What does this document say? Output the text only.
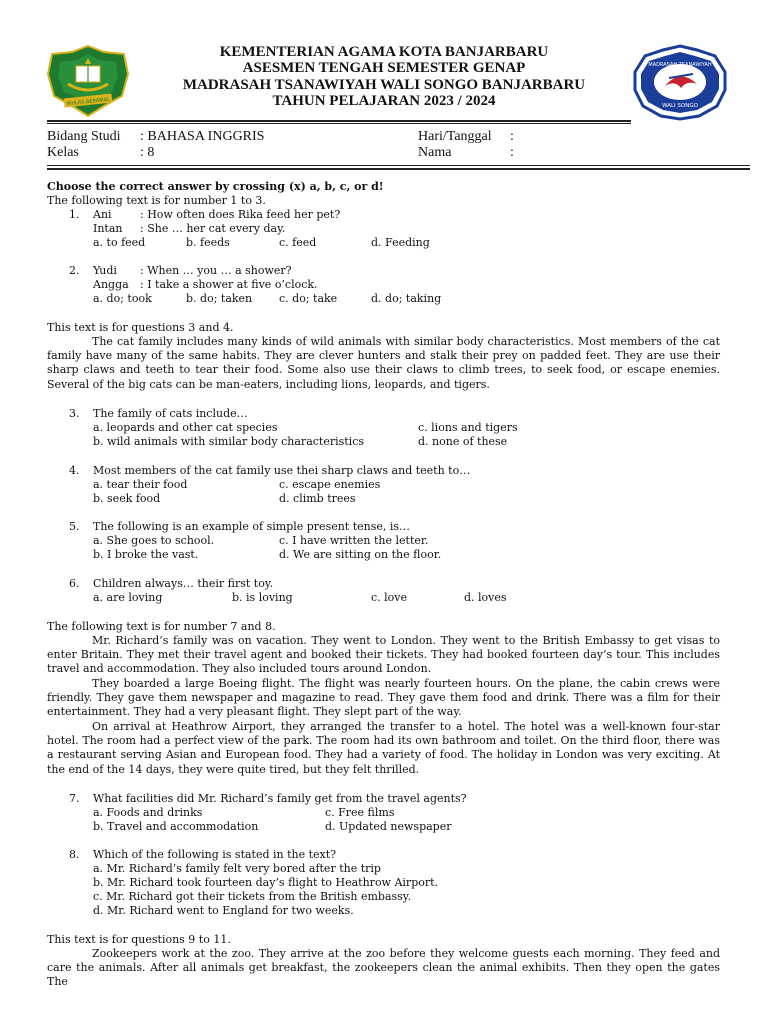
IKHLAS BERAMAL
KEMENTERIAN AGAMA KOTA BANJARBARU
ASESMEN TENGAH SEMESTER GENAP
MADRASAH TSANAWIYAH WALI SONGO BANJARBARU
TAHUN PELAJARAN 2023 / 2024
MADRASAH TSANAWIYAH
WALI SONGO
Bidang Studi : BAHASA INGGRIS
Kelas	: 8
Hari/Tanggal :
Nama	:
Choose the correct answer by crossing (x) a, b, c, or d!
The following text is for number 1 to 3.
1. Ani	: How often does Rika feed her pet?
Intan : She … her cat every day.
a. to feed	b. feeds	c. feed	d. Feeding
2. Yudi : When … you … a shower?
Angga : I take a shower at five o’clock.
a. do; took	b. do; taken c. do; take	d. do; taking
This text is for questions 3 and 4.
The cat family includes many kinds of wild animals with similar body characteristics. Most members of the cat family have many of the same habits. They are clever hunters and stalk their prey on padded feet. They are use their sharp claws and teeth to tear their food. Some also use their claws to climb trees, to seek food, or escape enemies. Several of the big cats can be man-eaters, including lions, leopards, and tigers.
3. The family of cats include…
a. leopards and other cat species
b. wild animals with similar body characteristics
c. lions and tigers
d. none of these
4. Most members of the cat family use thei sharp claws and teeth to…
a. tear their food
b. seek food
c. escape enemies
d. climb trees
5. The following is an example of simple present tense, is…
a. She goes to school.
b. I broke the vast.
c. I have written the letter.
d. We are sitting on the floor.
6. Children always… their first toy.
a. are loving	b. is loving	c. love	d. loves
The following text is for number 7 and 8.
Mr. Richard’s family was on vacation. They went to London. They went to the British Embassy to get visas to enter Britain. They met their travel agent and booked their tickets. They had booked fourteen day’s tour. This includes travel and accommodation. They also included tours around London.
They boarded a large Boeing flight. The flight was nearly fourteen hours. On the plane, the cabin crews were friendly. They gave them newspaper and magazine to read. They gave them food and drink. There was a film for their entertainment. They had a very pleasant flight. They slept part of the way.
On arrival at Heathrow Airport, they arranged the transfer to a hotel. The hotel was a well-known four-star hotel. The room had a perfect view of the park. The room had its own bathroom and toilet. On the third floor, there was a restaurant serving Asian and European food. They had a variety of food. The holiday in London was very exciting. At the end of the 14 days, they were quite tired, but they felt thrilled.
7. What facilities did Mr. Richard’s family get from the travel agents?
a. Foods and drinks
b. Travel and accommodation
c. Free films
d. Updated newspaper
8. Which of the following is stated in the text?
a. Mr. Richard’s family felt very bored after the trip
b. Mr. Richard took fourteen day’s flight to Heathrow Airport.
c. Mr. Richard got their tickets from the British embassy.
d. Mr. Richard went to England for two weeks.
This text is for questions 9 to 11.
Zookeepers work at the zoo. They arrive at the zoo before they welcome guests each morning. They feed and care the animals. After all animals get breakfast, the zookeepers clean the animal exhibits. Then they open the gates The
